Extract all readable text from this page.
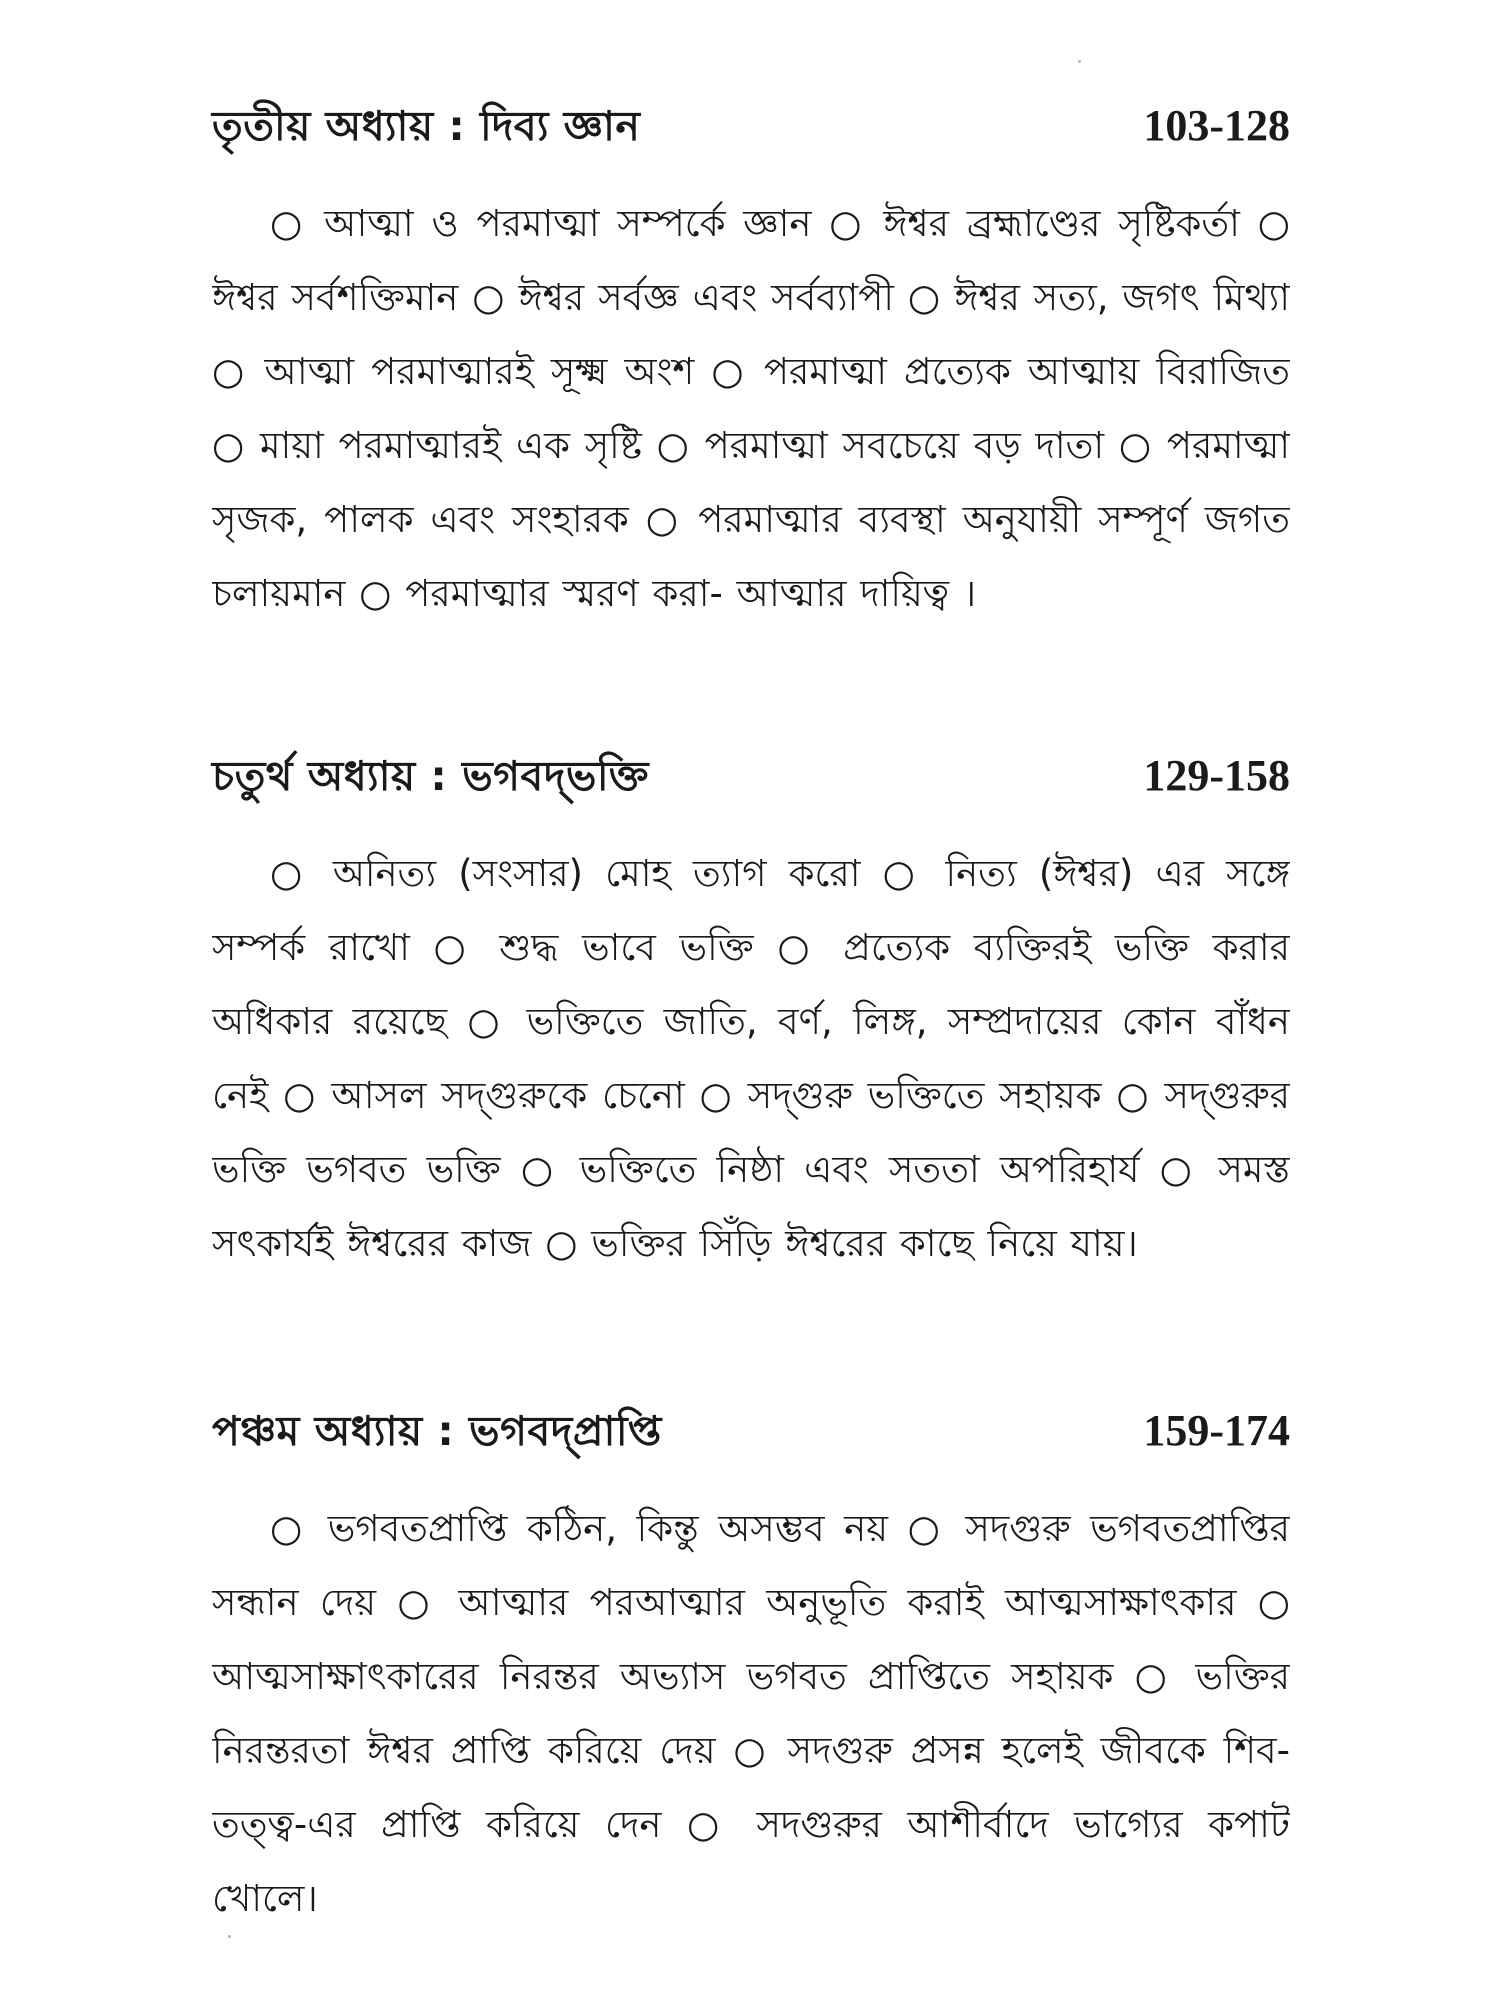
তৃতীয় অধ্যায় : দিব্য জ্ঞান	103-128

○ আত্মা ও পরমাত্মা সম্পর্কে জ্ঞান ○ ঈশ্বর ব্রহ্মাণ্ডের সৃষ্টিকর্তা ○ ঈশ্বর সর্বশক্তিমান ○ ঈশ্বর সর্বজ্ঞ এবং সর্বব্যাপী ○ ঈশ্বর সত্য, জগৎ মিথ্যা ○ আত্মা পরমাত্মারই সূক্ষ্ম অংশ ○ পরমাত্মা প্রত্যেক আত্মায় বিরাজিত ○ মায়া পরমাত্মারই এক সৃষ্টি ○ পরমাত্মা সবচেয়ে বড় দাতা ○ পরমাত্মা সৃজক, পালক এবং সংহারক ○ পরমাত্মার ব্যবস্থা অনুযায়ী সম্পূর্ণ জগত চলায়মান ○ পরমাত্মার স্মরণ করা- আত্মার দায়িত্ব ।

চতুর্থ অধ্যায় : ভগবদ্‌ভক্তি	129-158

○ অনিত্য (সংসার) মোহ ত্যাগ করো ○ নিত্য (ঈশ্বর) এর সঙ্গে সম্পর্ক রাখো ○ শুদ্ধ ভাবে ভক্তি ○ প্রত্যেক ব্যক্তিরই ভক্তি করার অধিকার রয়েছে ○ ভক্তিতে জাতি, বর্ণ, লিঙ্গ, সম্প্রদায়ের কোন বাঁধন নেই ○ আসল সদ্‌গুরুকে চেনো ○ সদ্‌গুরু ভক্তিতে সহায়ক ○ সদ্‌গুরুর ভক্তি ভগবত ভক্তি ○ ভক্তিতে নিষ্ঠা এবং সততা অপরিহার্য ○ সমস্ত সৎকার্যই ঈশ্বরের কাজ ○ ভক্তির সিঁড়ি ঈশ্বরের কাছে নিয়ে যায়।

পঞ্চম অধ্যায় : ভগবদ্‌প্রাপ্তি	159-174

○ ভগবতপ্রাপ্তি কঠিন, কিন্তু অসম্ভব নয় ○ সদগুরু ভগবতপ্রাপ্তির সন্ধান দেয় ○ আত্মার পরআত্মার অনুভূতি করাই আত্মসাক্ষাৎকার ○ আত্মসাক্ষাৎকারের নিরন্তর অভ্যাস ভগবত প্রাপ্তিতে সহায়ক ○ ভক্তির নিরন্তরতা ঈশ্বর প্রাপ্তি করিয়ে দেয় ○ সদগুরু প্রসন্ন হলেই জীবকে শিব-তত্ত্ব-এর প্রাপ্তি করিয়ে দেন ○ সদগুরুর আশীর্বাদে ভাগ্যের কপাট খোলে।
